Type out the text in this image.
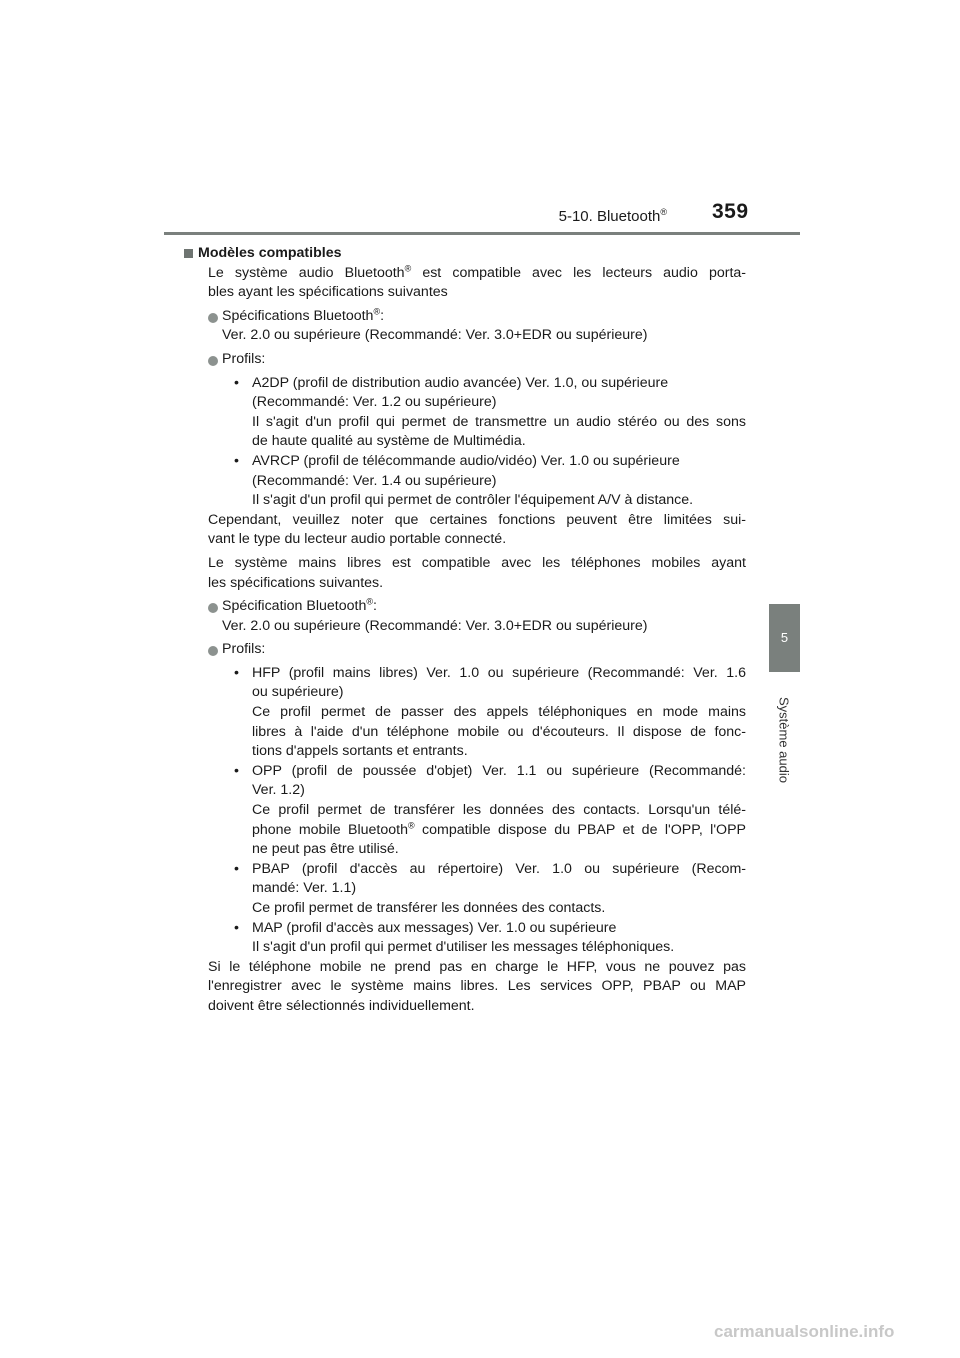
5-10. Bluetooth® 359
5
Système audio
Modèles compatibles
Le système audio Bluetooth® est compatible avec les lecteurs audio porta-
bles ayant les spécifications suivantes
Spécifications Bluetooth®:
Ver. 2.0 ou supérieure (Recommandé: Ver. 3.0+EDR ou supérieure)
Profils:
• A2DP (profil de distribution audio avancée) Ver. 1.0, ou supérieure
(Recommandé: Ver. 1.2 ou supérieure)
Il s'agit d'un profil qui permet de transmettre un audio stéréo ou des sons
de haute qualité au système de Multimédia.
• AVRCP (profil de télécommande audio/vidéo) Ver. 1.0 ou supérieure
(Recommandé: Ver. 1.4 ou supérieure)
Il s'agit d'un profil qui permet de contrôler l'équipement A/V à distance.
Cependant, veuillez noter que certaines fonctions peuvent être limitées sui-
vant le type du lecteur audio portable connecté.
Le système mains libres est compatible avec les téléphones mobiles ayant
les spécifications suivantes.
Spécification Bluetooth®:
Ver. 2.0 ou supérieure (Recommandé: Ver. 3.0+EDR ou supérieure)
Profils:
• HFP (profil mains libres) Ver. 1.0 ou supérieure (Recommandé: Ver. 1.6
ou supérieure)
Ce profil permet de passer des appels téléphoniques en mode mains
libres à l'aide d'un téléphone mobile ou d'écouteurs. Il dispose de fonc-
tions d'appels sortants et entrants.
• OPP (profil de poussée d'objet) Ver. 1.1 ou supérieure (Recommandé:
Ver. 1.2)
Ce profil permet de transférer les données des contacts. Lorsqu'un télé-
phone mobile Bluetooth® compatible dispose du PBAP et de l'OPP, l'OPP
ne peut pas être utilisé.
• PBAP (profil d'accès au répertoire) Ver. 1.0 ou supérieure (Recom-
mandé: Ver. 1.1)
Ce profil permet de transférer les données des contacts.
• MAP (profil d'accès aux messages) Ver. 1.0 ou supérieure
Il s'agit d'un profil qui permet d'utiliser les messages téléphoniques.
Si le téléphone mobile ne prend pas en charge le HFP, vous ne pouvez pas
l'enregistrer avec le système mains libres. Les services OPP, PBAP ou MAP
doivent être sélectionnés individuellement.
carmanualsonline.info
